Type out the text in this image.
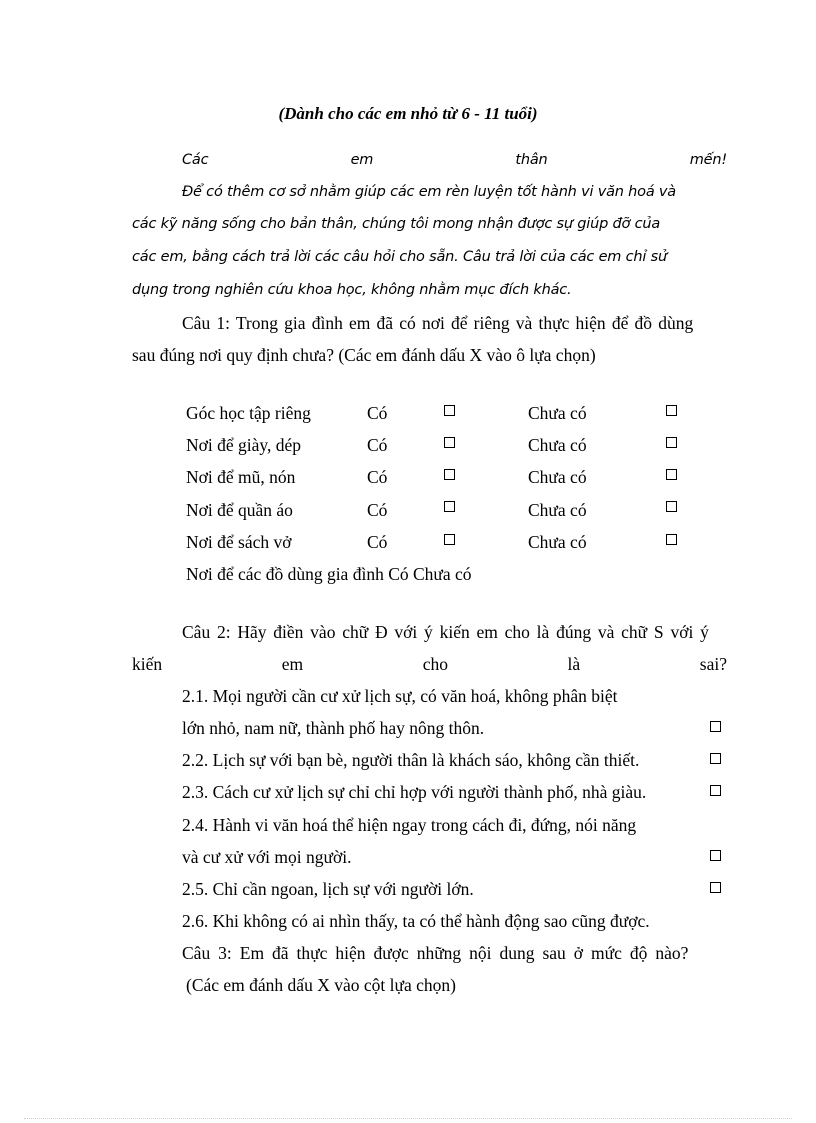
(Dành cho các em nhỏ từ 6 - 11 tuổi)
Các	em	thân	mến!
Để có thêm cơ sở nhằm giúp các em rèn luyện tốt hành vi văn hoá và
các kỹ năng sống cho bản thân, chúng tôi mong nhận được sự giúp đỡ của
các em, bằng cách trả lời các câu hỏi cho sẵn. Câu trả lời của các em chỉ sử
dụng trong nghiên cứu khoa học, không nhằm mục đích khác.
Câu 1: Trong gia đình em đã có nơi để riêng và thực hiện để đồ dùng
sau đúng nơi quy định chưa? (Các em đánh dấu X vào ô lựa chọn)
Góc học tập riêng	Có	Chưa có
Nơi để giày, dép	Có	Chưa có
Nơi để mũ, nón	Có	Chưa có
Nơi để quần áo	Có	Chưa có
Nơi để sách vở	Có	Chưa có
Nơi để các đồ dùng gia đình Có Chưa có
Câu 2: Hãy điền vào chữ Đ với ý kiến em cho là đúng và chữ S với ý
kiến	em	cho	là	sai?
2.1. Mọi người cần cư xử lịch sự, có văn hoá, không phân biệt
lớn nhỏ, nam nữ, thành phố hay nông thôn.
2.2. Lịch sự với bạn bè, người thân là khách sáo, không cần thiết.
2.3. Cách cư xử lịch sự chỉ chỉ hợp với người thành phố, nhà giàu.
2.4. Hành vi văn hoá thể hiện ngay trong cách đi, đứng, nói năng
và cư xử với mọi người.
2.5. Chỉ cần ngoan, lịch sự với người lớn.
2.6. Khi không có ai nhìn thấy, ta có thể hành động sao cũng được.
Câu 3: Em đã thực hiện được những nội dung sau ở mức độ nào?
(Các em đánh dấu X vào cột lựa chọn)
